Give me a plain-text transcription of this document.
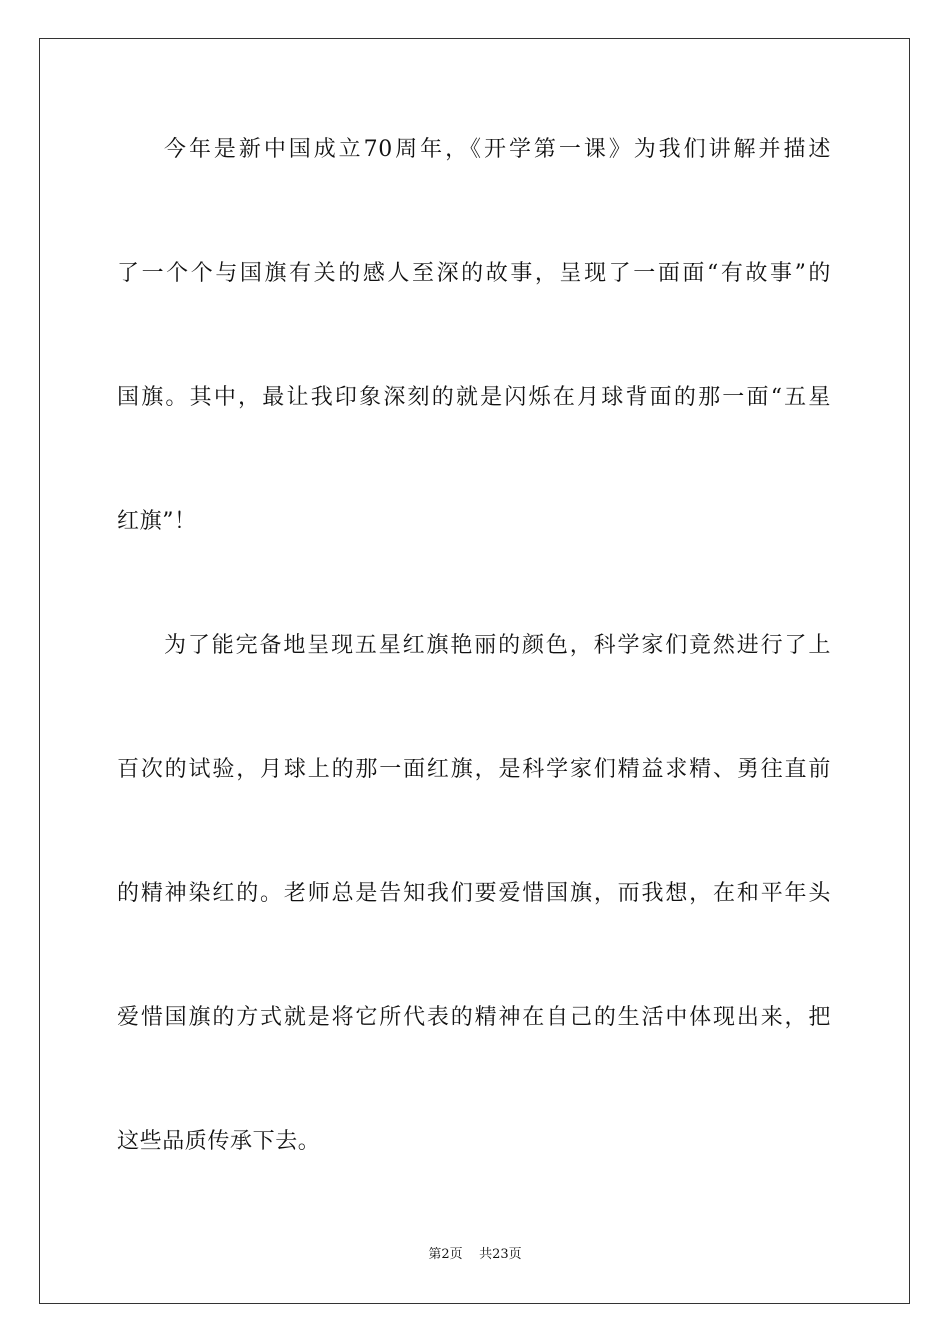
今年是新中国成立70周年，《开学第一课》为我们讲解并描述
了一个个与国旗有关的感人至深的故事，呈现了一面面“有故事”的
国旗。其中，最让我印象深刻的就是闪烁在月球背面的那一面“五星
红旗”！
为了能完备地呈现五星红旗艳丽的颜色，科学家们竟然进行了上
百次的试验，月球上的那一面红旗，是科学家们精益求精、勇往直前
的精神染红的。老师总是告知我们要爱惜国旗，而我想，在和平年头
爱惜国旗的方式就是将它所代表的精神在自己的生活中体现出来，把
这些品质传承下去。
第2页    共23页
